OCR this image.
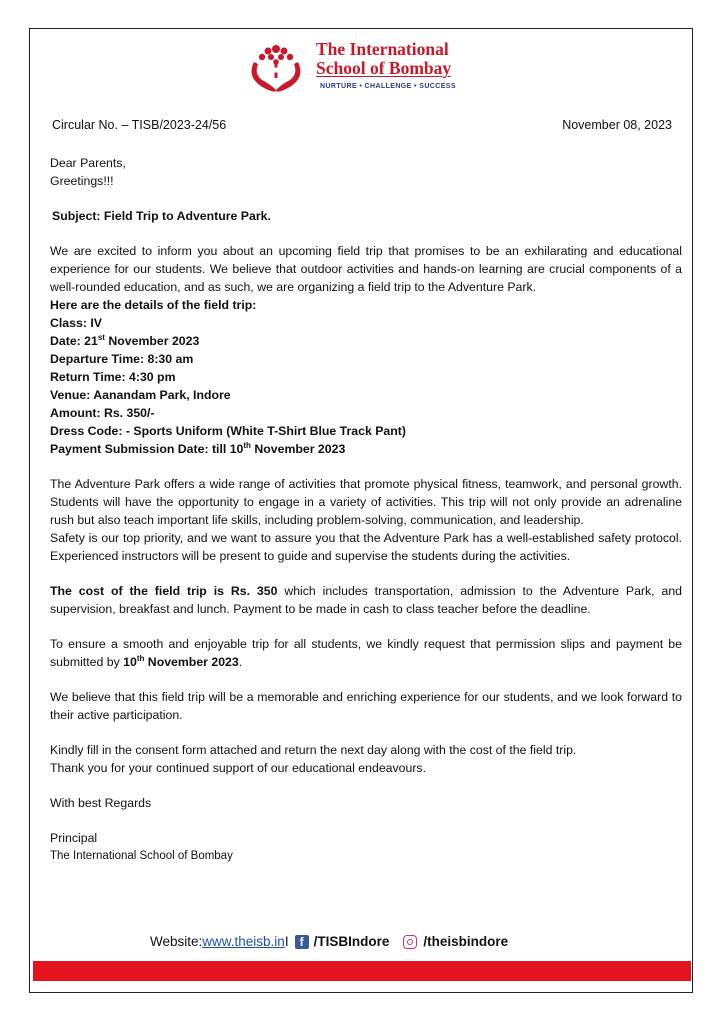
The International
School of Bombay
NURTURE • CHALLENGE • SUCCESS
Circular No. – TISB/2023-24/56	November 08, 2023

Dear Parents,

Greetings!!!

Subject: Field Trip to Adventure Park.

We are excited to inform you about an upcoming field trip that promises to be an exhilarating and educational experience for our students. We believe that outdoor activities and hands-on learning are crucial components of a well-rounded education, and as such, we are organizing a field trip to the Adventure Park.

Here are the details of the field trip:
Class: IV
Date: 21st November 2023
Departure Time: 8:30 am
Return Time: 4:30 pm
Venue: Aanandam Park, Indore
Amount: Rs. 350/-
Dress Code: - Sports Uniform (White T-Shirt Blue Track Pant)
Payment Submission Date: till 10th November 2023

The Adventure Park offers a wide range of activities that promote physical fitness, teamwork, and personal growth. Students will have the opportunity to engage in a variety of activities. This trip will not only provide an adrenaline rush but also teach important life skills, including problem-solving, communication, and leadership.

Safety is our top priority, and we want to assure you that the Adventure Park has a well-established safety protocol. Experienced instructors will be present to guide and supervise the students during the activities.

The cost of the field trip is Rs. 350 which includes transportation, admission to the Adventure Park, and supervision, breakfast and lunch. Payment to be made in cash to class teacher before the deadline.

To ensure a smooth and enjoyable trip for all students, we kindly request that permission slips and payment be submitted by 10th November 2023.

We believe that this field trip will be a memorable and enriching experience for our students, and we look forward to their active participation.

Kindly fill in the consent form attached and return the next day along with the cost of the field trip.

Thank you for your continued support of our educational endeavours.

With best Regards

Principal

The International School of Bombay

Website: www.theisb.in I f /TISBIndore	/theisbindore
